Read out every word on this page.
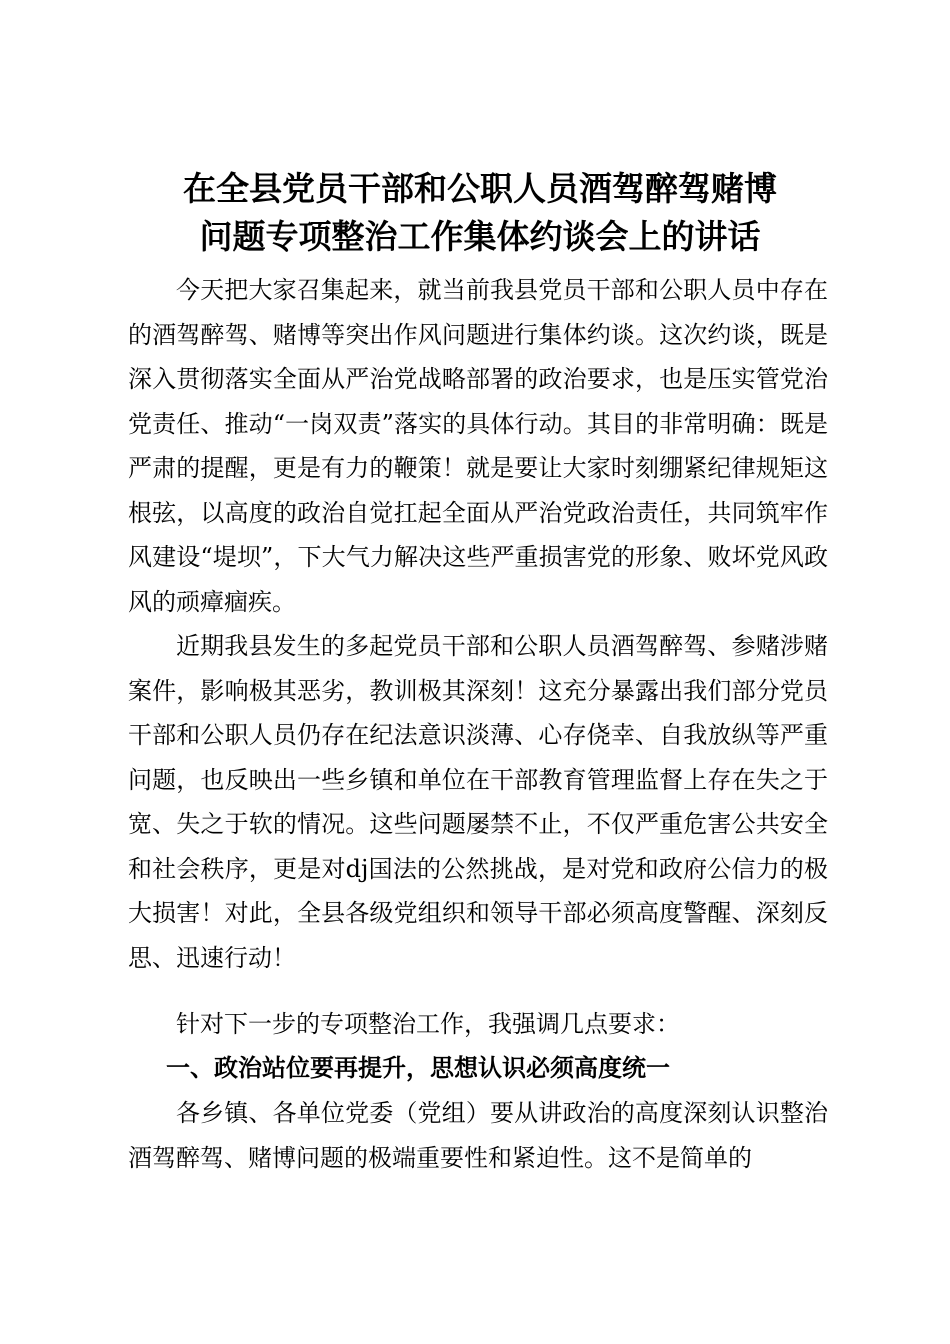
在全县党员干部和公职人员酒驾醉驾赌博
问题专项整治工作集体约谈会上的讲话

今天把大家召集起来，就当前我县党员干部和公职人员中存在的酒驾醉驾、赌博等突出作风问题进行集体约谈。这次约谈，既是深入贯彻落实全面从严治党战略部署的政治要求，也是压实管党治党责任、推动“一岗双责”落实的具体行动。其目的非常明确：既是严肃的提醒，更是有力的鞭策！就是要让大家时刻绷紧纪律规矩这根弦，以高度的政治自觉扛起全面从严治党政治责任，共同筑牢作风建设“堤坝”，下大气力解决这些严重损害党的形象、败坏党风政风的顽瘴痼疾。

近期我县发生的多起党员干部和公职人员酒驾醉驾、参赌涉赌案件，影响极其恶劣，教训极其深刻！这充分暴露出我们部分党员干部和公职人员仍存在纪法意识淡薄、心存侥幸、自我放纵等严重问题，也反映出一些乡镇和单位在干部教育管理监督上存在失之于宽、失之于软的情况。这些问题屡禁不止，不仅严重危害公共安全和社会秩序，更是对dj国法的公然挑战，是对党和政府公信力的极大损害！对此，全县各级党组织和领导干部必须高度警醒、深刻反思、迅速行动！

针对下一步的专项整治工作，我强调几点要求：

一、政治站位要再提升，思想认识必须高度统一

各乡镇、各单位党委（党组）要从讲政治的高度深刻认识整治酒驾醉驾、赌博问题的极端重要性和紧迫性。这不是简单的
